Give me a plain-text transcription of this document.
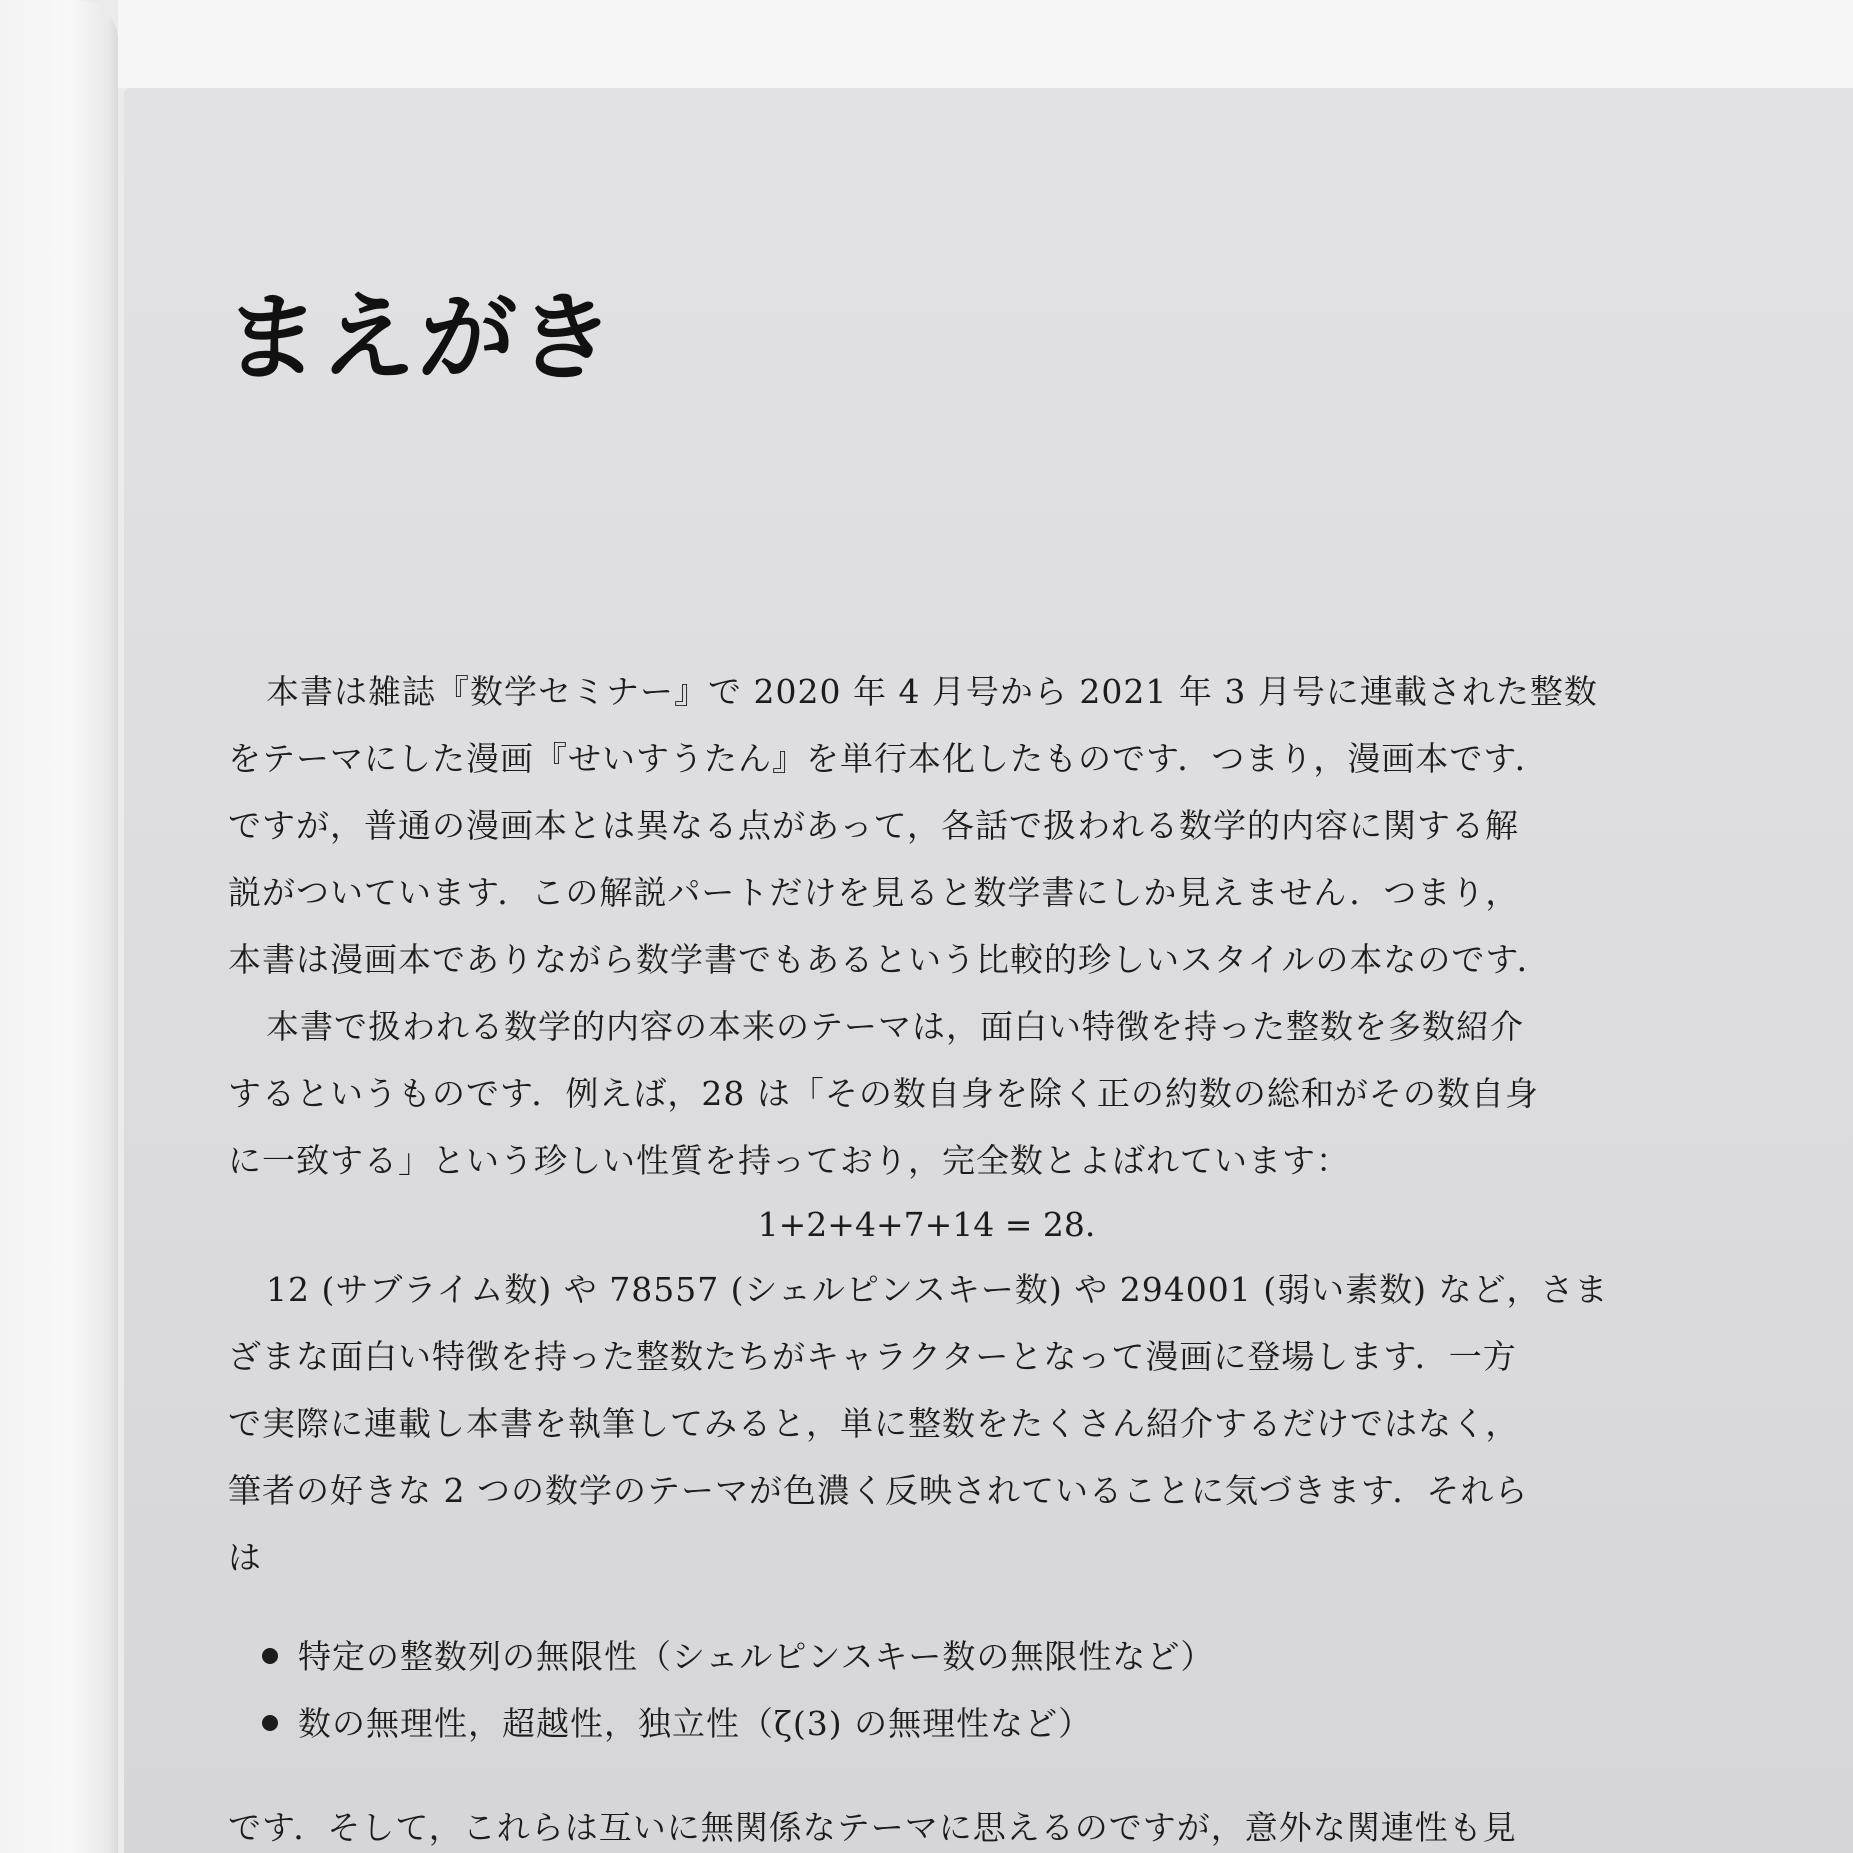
まえがき
本書は雑誌『数学セミナー』で 2020 年 4 月号から 2021 年 3 月号に連載された整数
をテーマにした漫画『せいすうたん』を単行本化したものです．つまり，漫画本です．
ですが，普通の漫画本とは異なる点があって，各話で扱われる数学的内容に関する解
説がついています．この解説パートだけを見ると数学書にしか見えません．つまり，
本書は漫画本でありながら数学書でもあるという比較的珍しいスタイルの本なのです．
本書で扱われる数学的内容の本来のテーマは，面白い特徴を持った整数を多数紹介
するというものです．例えば，28 は「その数自身を除く正の約数の総和がその数自身
に一致する」という珍しい性質を持っており，完全数とよばれています：
1+2+4+7+14 = 28.
12 (サブライム数) や 78557 (シェルピンスキー数) や 294001 (弱い素数) など，さま
ざまな面白い特徴を持った整数たちがキャラクターとなって漫画に登場します．一方
で実際に連載し本書を執筆してみると，単に整数をたくさん紹介するだけではなく，
筆者の好きな 2 つの数学のテーマが色濃く反映されていることに気づきます．それら
は
特定の整数列の無限性（シェルピンスキー数の無限性など）
数の無理性，超越性，独立性（ζ(3) の無理性など）
です．そして，これらは互いに無関係なテーマに思えるのですが，意外な関連性も見
